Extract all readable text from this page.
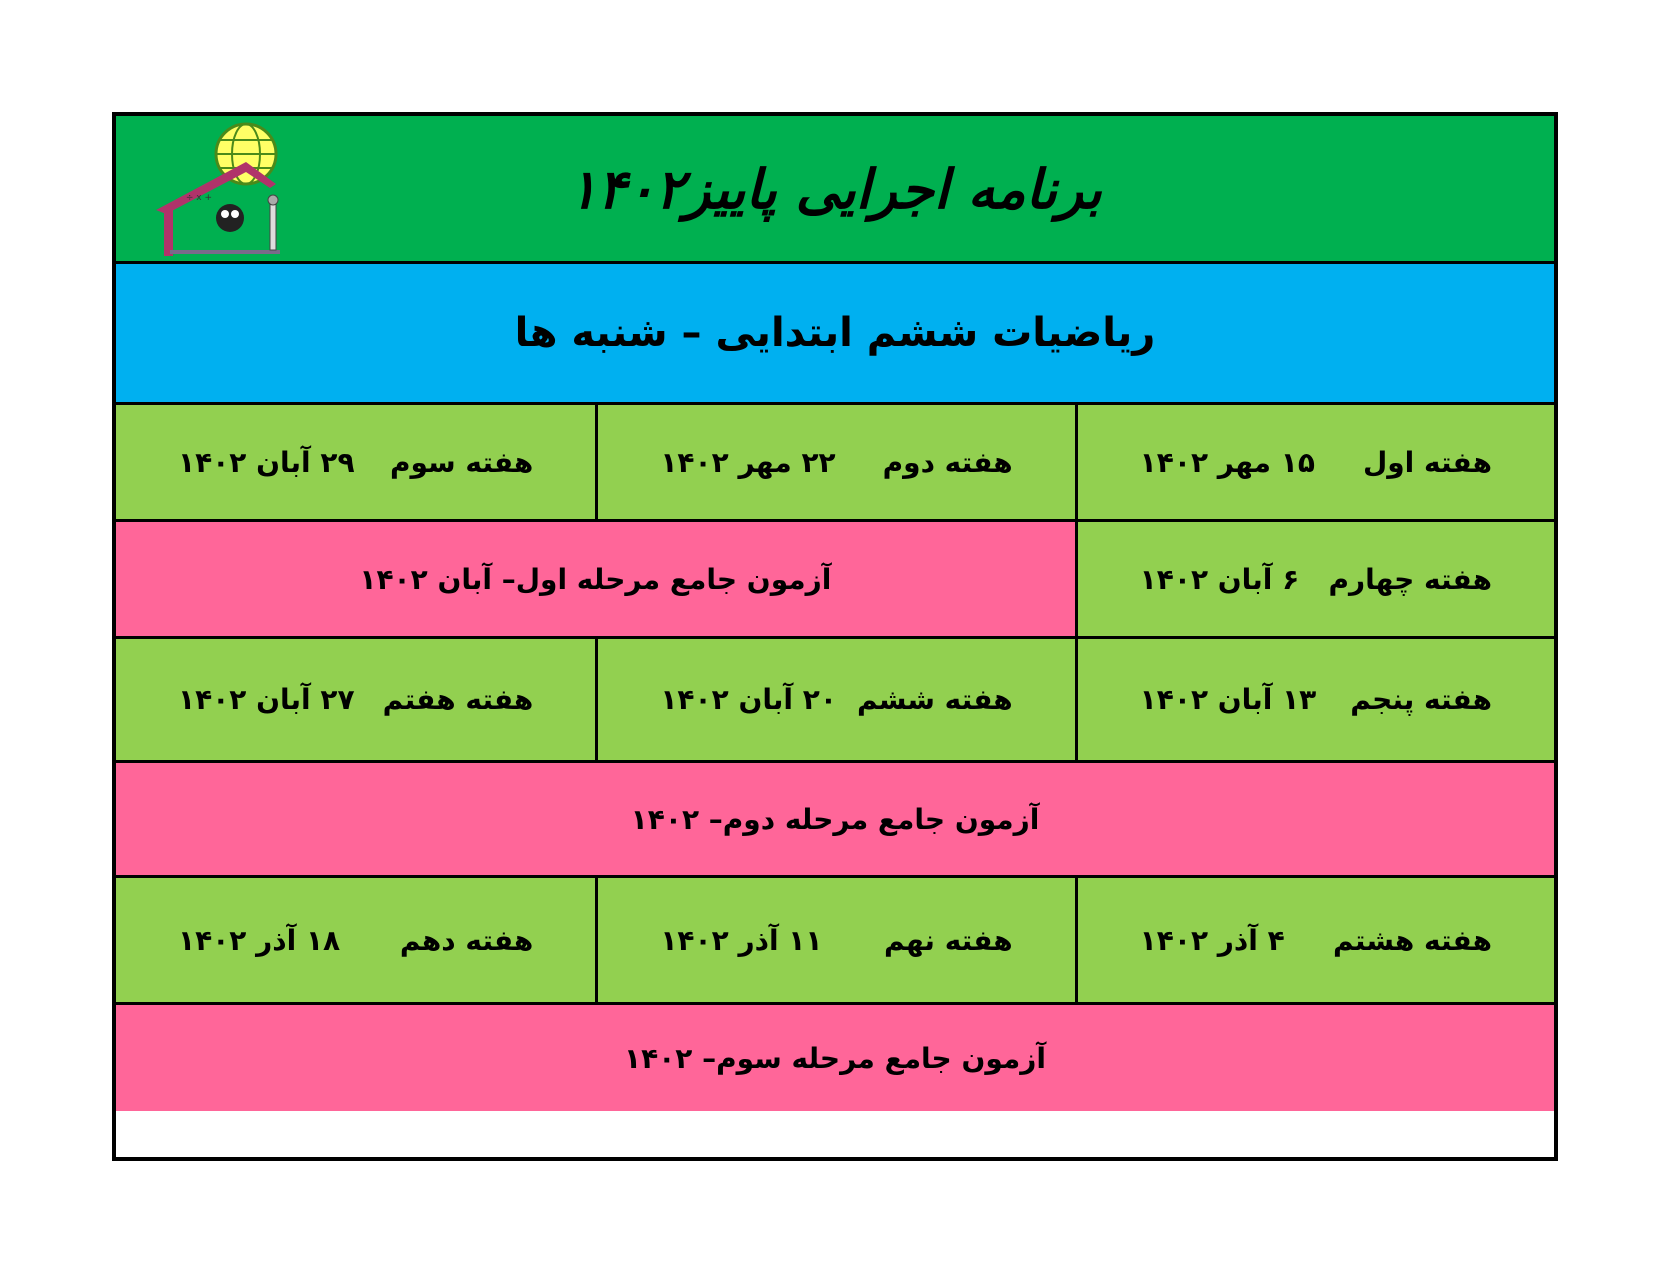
+ x ÷	برنامه اجرایی پاییز۱۴۰۲
ریاضیات ششم ابتدایی – شنبه ها
هفته اول
۱۵ مهر ۱۴۰۲
هفته دوم
۲۲ مهر ۱۴۰۲
هفته سوم
۲۹ آبان ۱۴۰۲
هفته چهارم
۶ آبان ۱۴۰۲
آزمون جامع مرحله اول– آبان ۱۴۰۲
هفته پنجم
۱۳ آبان ۱۴۰۲
هفته ششم
۲۰ آبان ۱۴۰۲
هفته هفتم
۲۷ آبان ۱۴۰۲
آزمون جامع مرحله دوم– ۱۴۰۲
هفته هشتم
۴ آذر ۱۴۰۲
هفته نهم
۱۱ آذر ۱۴۰۲
هفته دهم
۱۸ آذر ۱۴۰۲
آزمون جامع مرحله سوم– ۱۴۰۲
